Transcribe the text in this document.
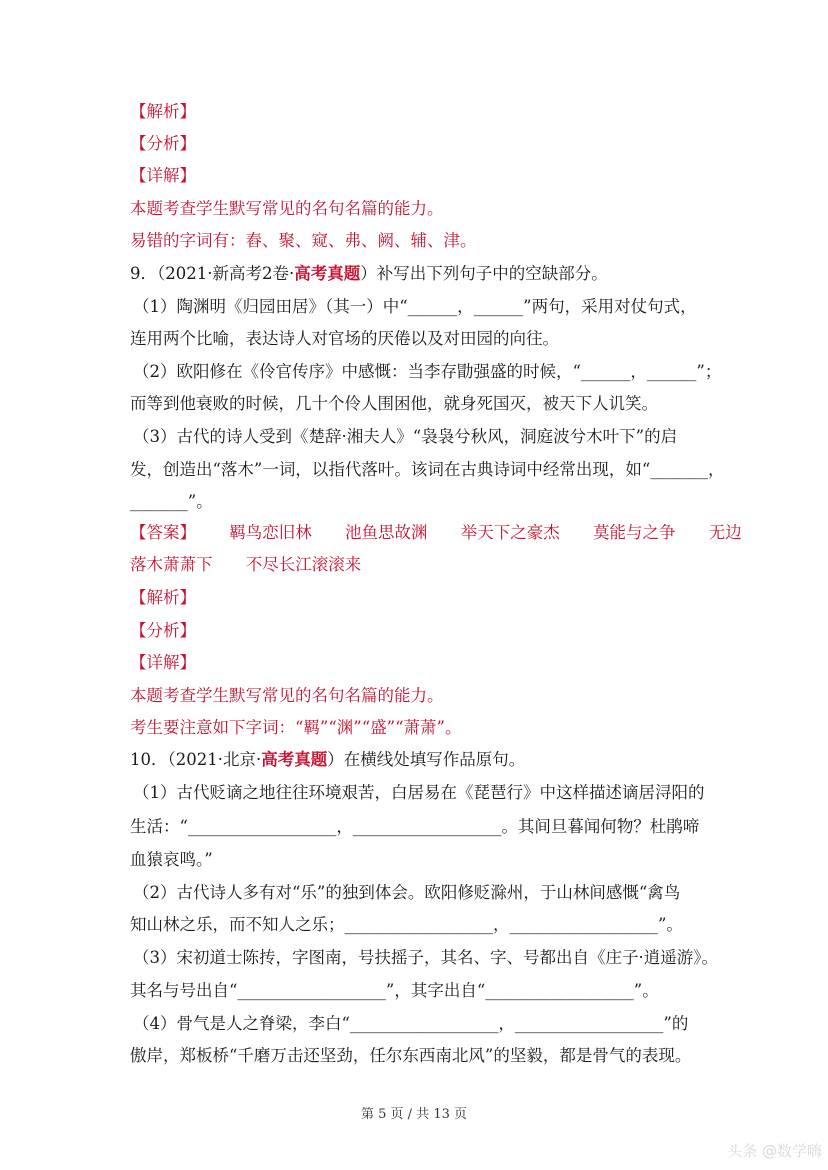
【解析】
【分析】
【详解】
本题考查学生默写常见的名句名篇的能力。
易错的字词有：舂、聚、窥、弗、阙、辅、津。
9．（2021·新高考2卷·高考真题）补写出下列句子中的空缺部分。
（1）陶渊明《归园田居》（其一）中“______，______”两句，采用对仗句式，
连用两个比喻，表达诗人对官场的厌倦以及对田园的向往。
（2）欧阳修在《伶官传序》中感慨：当李存勖强盛的时候，“______，______”；
而等到他衰败的时候，几十个伶人围困他，就身死国灭，被天下人讥笑。
（3）古代的诗人受到《楚辞·湘夫人》“袅袅兮秋风，洞庭波兮木叶下”的启
发，创造出“落木”一词，以指代落叶。该词在古典诗词中经常出现，如“_______，
_______”。
【答案】 羁鸟恋旧林 池鱼思故渊 举天下之豪杰 莫能与之争 无边
落木萧萧下 不尽长江滚滚来
【解析】
【分析】
【详解】
本题考查学生默写常见的名句名篇的能力。
考生要注意如下字词：“羁”“渊”“盛”“萧萧”。
10．（2021·北京·高考真题）在横线处填写作品原句。
（1）古代贬谪之地往往环境艰苦，白居易在《琵琶行》中这样描述谪居浔阳的
生活：“__________________，__________________。其间旦暮闻何物？杜鹃啼
血猿哀鸣。”
（2）古代诗人多有对“乐”的独到体会。欧阳修贬滁州，于山林间感慨“禽鸟
知山林之乐，而不知人之乐；__________________，__________________”。
（3）宋初道士陈抟，字图南，号扶摇子，其名、字、号都出自《庄子·逍遥游》。
其名与号出自“__________________”，其字出自“__________________”。
（4）骨气是人之脊梁，李白“__________________，__________________”的
傲岸，郑板桥“千磨万击还坚劲，任尔东西南北风”的坚毅，都是骨气的表现。
第 5 页 / 共 13 页
头条 @数学嗨
